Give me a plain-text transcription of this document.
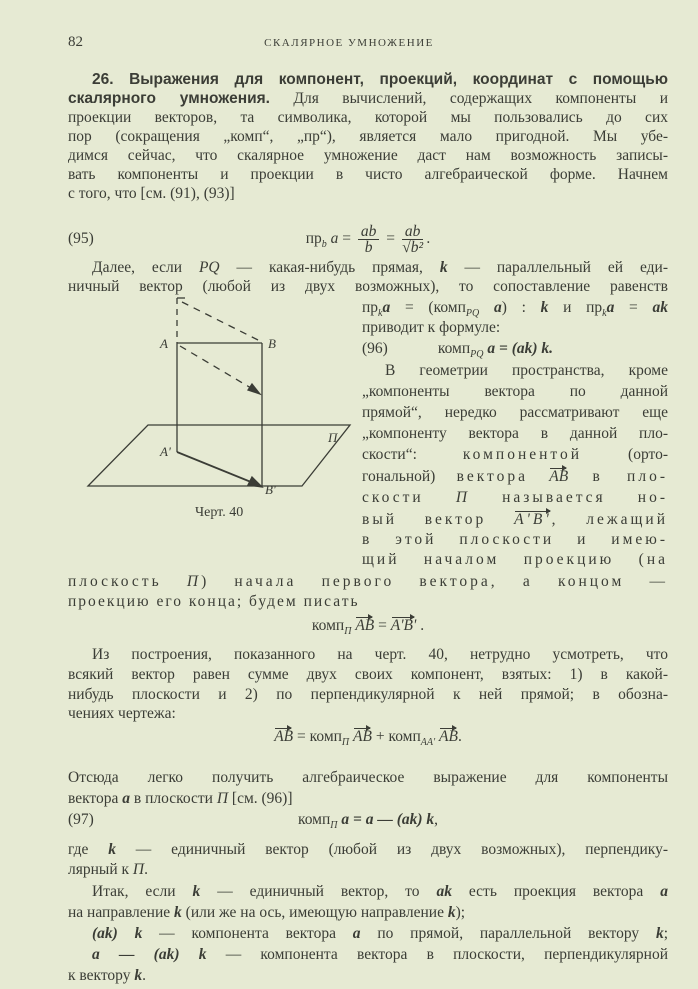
82	СКАЛЯРНОЕ УМНОЖЕНИЕ
26. Выражения для компонент, проекций, координат с помощью
скалярного умножения. Для вычислений, содержащих компоненты и
проекции векторов, та символика, которой мы пользовались до сих
пор (сокращения „комп“, „пр“), является мало пригодной. Мы убе-
димся сейчас, что скалярное умножение даст нам возможность записы-
вать компоненты и проекции в чисто алгебраической форме. Начнем
с того, что [см. (91), (93)]
(95)	$пр_b$ $a = \frac{ab}{b} = \frac{ab}{\text{√b²}}$ .
Далее, если PQ — какая-нибудь прямая, k — параллельный ей еди-
ничный вектор (любой из двух возможных), то сопоставление равенств
$пр_ka$ = (комп$_{PQ}$ a) : k и $пр_ka$ = ak
приводит к формуле:
(96)	комп$_{PQ}$ a = (ak) k.
В геометрии пространства, кроме
„компоненты вектора по данной
прямой“, нередко рассматривают еще
„компоненту вектора в данной пло-
скости“: компонентой (орто-
гональной) вектора AB в пло-
скости П называется но-
вый вектор A'B', лежащий
в этой плоскости и имею-
щий началом проекцию (на
A	B
A'
B'
П
Черт. 40
плоскость П) начала первого вектора, а концом —
проекцию его конца; будем писать
комп$_П$ AB = A'B' .
Из построения, показанного на черт. 40, нетрудно усмотреть, что
всякий вектор равен сумме двух своих компонент, взятых: 1) в какой-
нибудь плоскости и 2) по перпендикулярной к ней прямой; в обозна-
чениях чертежа:
AB = комп$_П$ AB + комп$_{AA'}$ AB.
Отсюда легко получить алгебраическое выражение для компоненты
вектора a в плоскости П [см. (96)]
(97)	комп$_П$ a = a — (ak) k,
где k — единичный вектор (любой из двух возможных), перпендику-
лярный к П.
Итак, если k — единичный вектор, то ak есть проекция вектора a
на направление k (или же на ось, имеющую направление k);
(ak) k — компонента вектора a по прямой, параллельной вектору k;
a — (ak) k — компонента вектора в плоскости, перпендикулярной
к вектору k.
